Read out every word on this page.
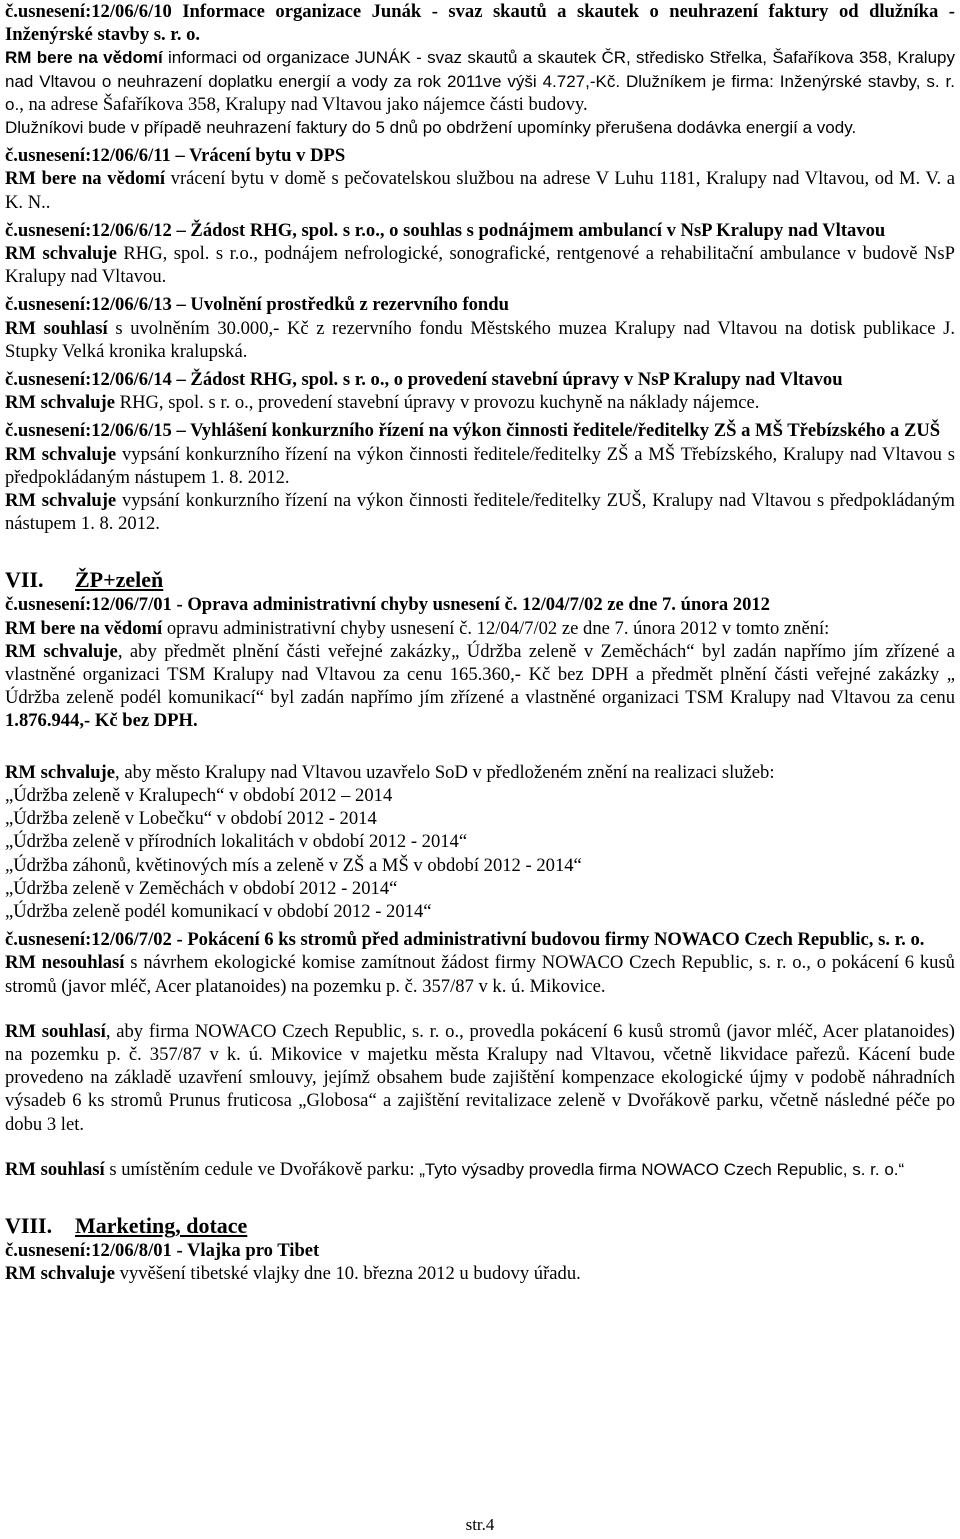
č.usnesení:12/06/6/10 Informace organizace Junák - svaz skautů a skautek o neuhrazení faktury od dlužníka - Inženýrské stavby s. r. o.

RM bere na vědomí informaci od organizace JUNÁK - svaz skautů a skautek ČR, středisko Střelka, Šafaříkova 358, Kralupy nad Vltavou o neuhrazení doplatku energií a vody za rok 2011ve výši 4.727,-Kč. Dlužníkem je firma: Inženýrské stavby, s. r. o., na adrese Šafaříkova 358, Kralupy nad Vltavou jako nájemce části budovy.

Dlužníkovi bude v případě neuhrazení faktury do 5 dnů po obdržení upomínky přerušena dodávka energií a vody.

č.usnesení:12/06/6/11 – Vrácení bytu v DPS

RM bere na vědomí vrácení bytu v domě s pečovatelskou službou na adrese V Luhu 1181, Kralupy nad Vltavou, od M. V. a K. N..

č.usnesení:12/06/6/12 – Žádost RHG, spol. s r.o., o souhlas s podnájmem ambulancí v NsP Kralupy nad Vltavou

RM schvaluje RHG, spol. s r.o., podnájem nefrologické, sonografické, rentgenové a rehabilitační ambulance v budově NsP Kralupy nad Vltavou.

č.usnesení:12/06/6/13 – Uvolnění prostředků z rezervního fondu

RM souhlasí s uvolněním 30.000,- Kč z rezervního fondu Městského muzea Kralupy nad Vltavou na dotisk publikace J. Stupky Velká kronika kralupská.

č.usnesení:12/06/6/14 – Žádost RHG, spol. s r. o., o provedení stavební úpravy v NsP Kralupy nad Vltavou

RM schvaluje RHG, spol. s r. o., provedení stavební úpravy v provozu kuchyně na náklady nájemce.

č.usnesení:12/06/6/15 – Vyhlášení konkurzního řízení na výkon činnosti ředitele/ředitelky ZŠ a MŠ Třebízského a ZUŠ

RM schvaluje vypsání konkurzního řízení na výkon činnosti ředitele/ředitelky ZŠ a MŠ Třebízského, Kralupy nad Vltavou s předpokládaným nástupem 1. 8. 2012.

RM schvaluje vypsání konkurzního řízení na výkon činnosti ředitele/ředitelky ZUŠ, Kralupy nad Vltavou s předpokládaným nástupem 1. 8. 2012.

VII. ŽP+zeleň

č.usnesení:12/06/7/01 - Oprava administrativní chyby usnesení č. 12/04/7/02 ze dne 7. února 2012

RM bere na vědomí opravu administrativní chyby usnesení č. 12/04/7/02 ze dne 7. února 2012 v tomto znění:

RM schvaluje, aby předmět plnění části veřejné zakázky„ Údržba zeleně v Zeměchách“ byl zadán napřímo jím zřízené a vlastněné organizaci TSM Kralupy nad Vltavou za cenu 165.360,- Kč bez DPH a předmět plnění části veřejné zakázky „ Údržba zeleně podél komunikací“ byl zadán napřímo jím zřízené a vlastněné organizaci TSM Kralupy nad Vltavou za cenu 1.876.944,- Kč bez DPH.

RM schvaluje, aby město Kralupy nad Vltavou uzavřelo SoD v předloženém znění na realizaci služeb:

„Údržba zeleně v Kralupech“ v období 2012 – 2014

„Údržba zeleně v Lobečku“ v období 2012 - 2014

„Údržba zeleně v přírodních lokalitách v období 2012 - 2014“

„Údržba záhonů, květinových mís a zeleně v ZŠ a MŠ v období 2012 - 2014“

„Údržba zeleně v Zeměchách v období 2012 - 2014“

„Údržba zeleně podél komunikací v období 2012 - 2014“

č.usnesení:12/06/7/02 - Pokácení 6 ks stromů před administrativní budovou firmy NOWACO Czech Republic, s. r. o.

RM nesouhlasí s návrhem ekologické komise zamítnout žádost firmy NOWACO Czech Republic, s. r. o., o pokácení 6 kusů stromů (javor mléč, Acer platanoides) na pozemku p. č. 357/87 v k. ú. Mikovice.

RM souhlasí, aby firma NOWACO Czech Republic, s. r. o., provedla pokácení 6 kusů stromů (javor mléč, Acer platanoides) na pozemku p. č. 357/87 v k. ú. Mikovice v majetku města Kralupy nad Vltavou, včetně likvidace pařezů. Kácení bude provedeno na základě uzavření smlouvy, jejímž obsahem bude zajištění kompenzace ekologické újmy v podobě náhradních výsadeb 6 ks stromů Prunus fruticosa „Globosa“ a zajištění revitalizace zeleně v Dvořákově parku, včetně následné péče po dobu 3 let.

RM souhlasí s umístěním cedule ve Dvořákově parku: „Tyto výsadby provedla firma NOWACO Czech Republic, s. r. o.“

VIII. Marketing, dotace

č.usnesení:12/06/8/01 - Vlajka pro Tibet

RM schvaluje vyvěšení tibetské vlajky dne 10. března 2012 u budovy úřadu.

str.4
